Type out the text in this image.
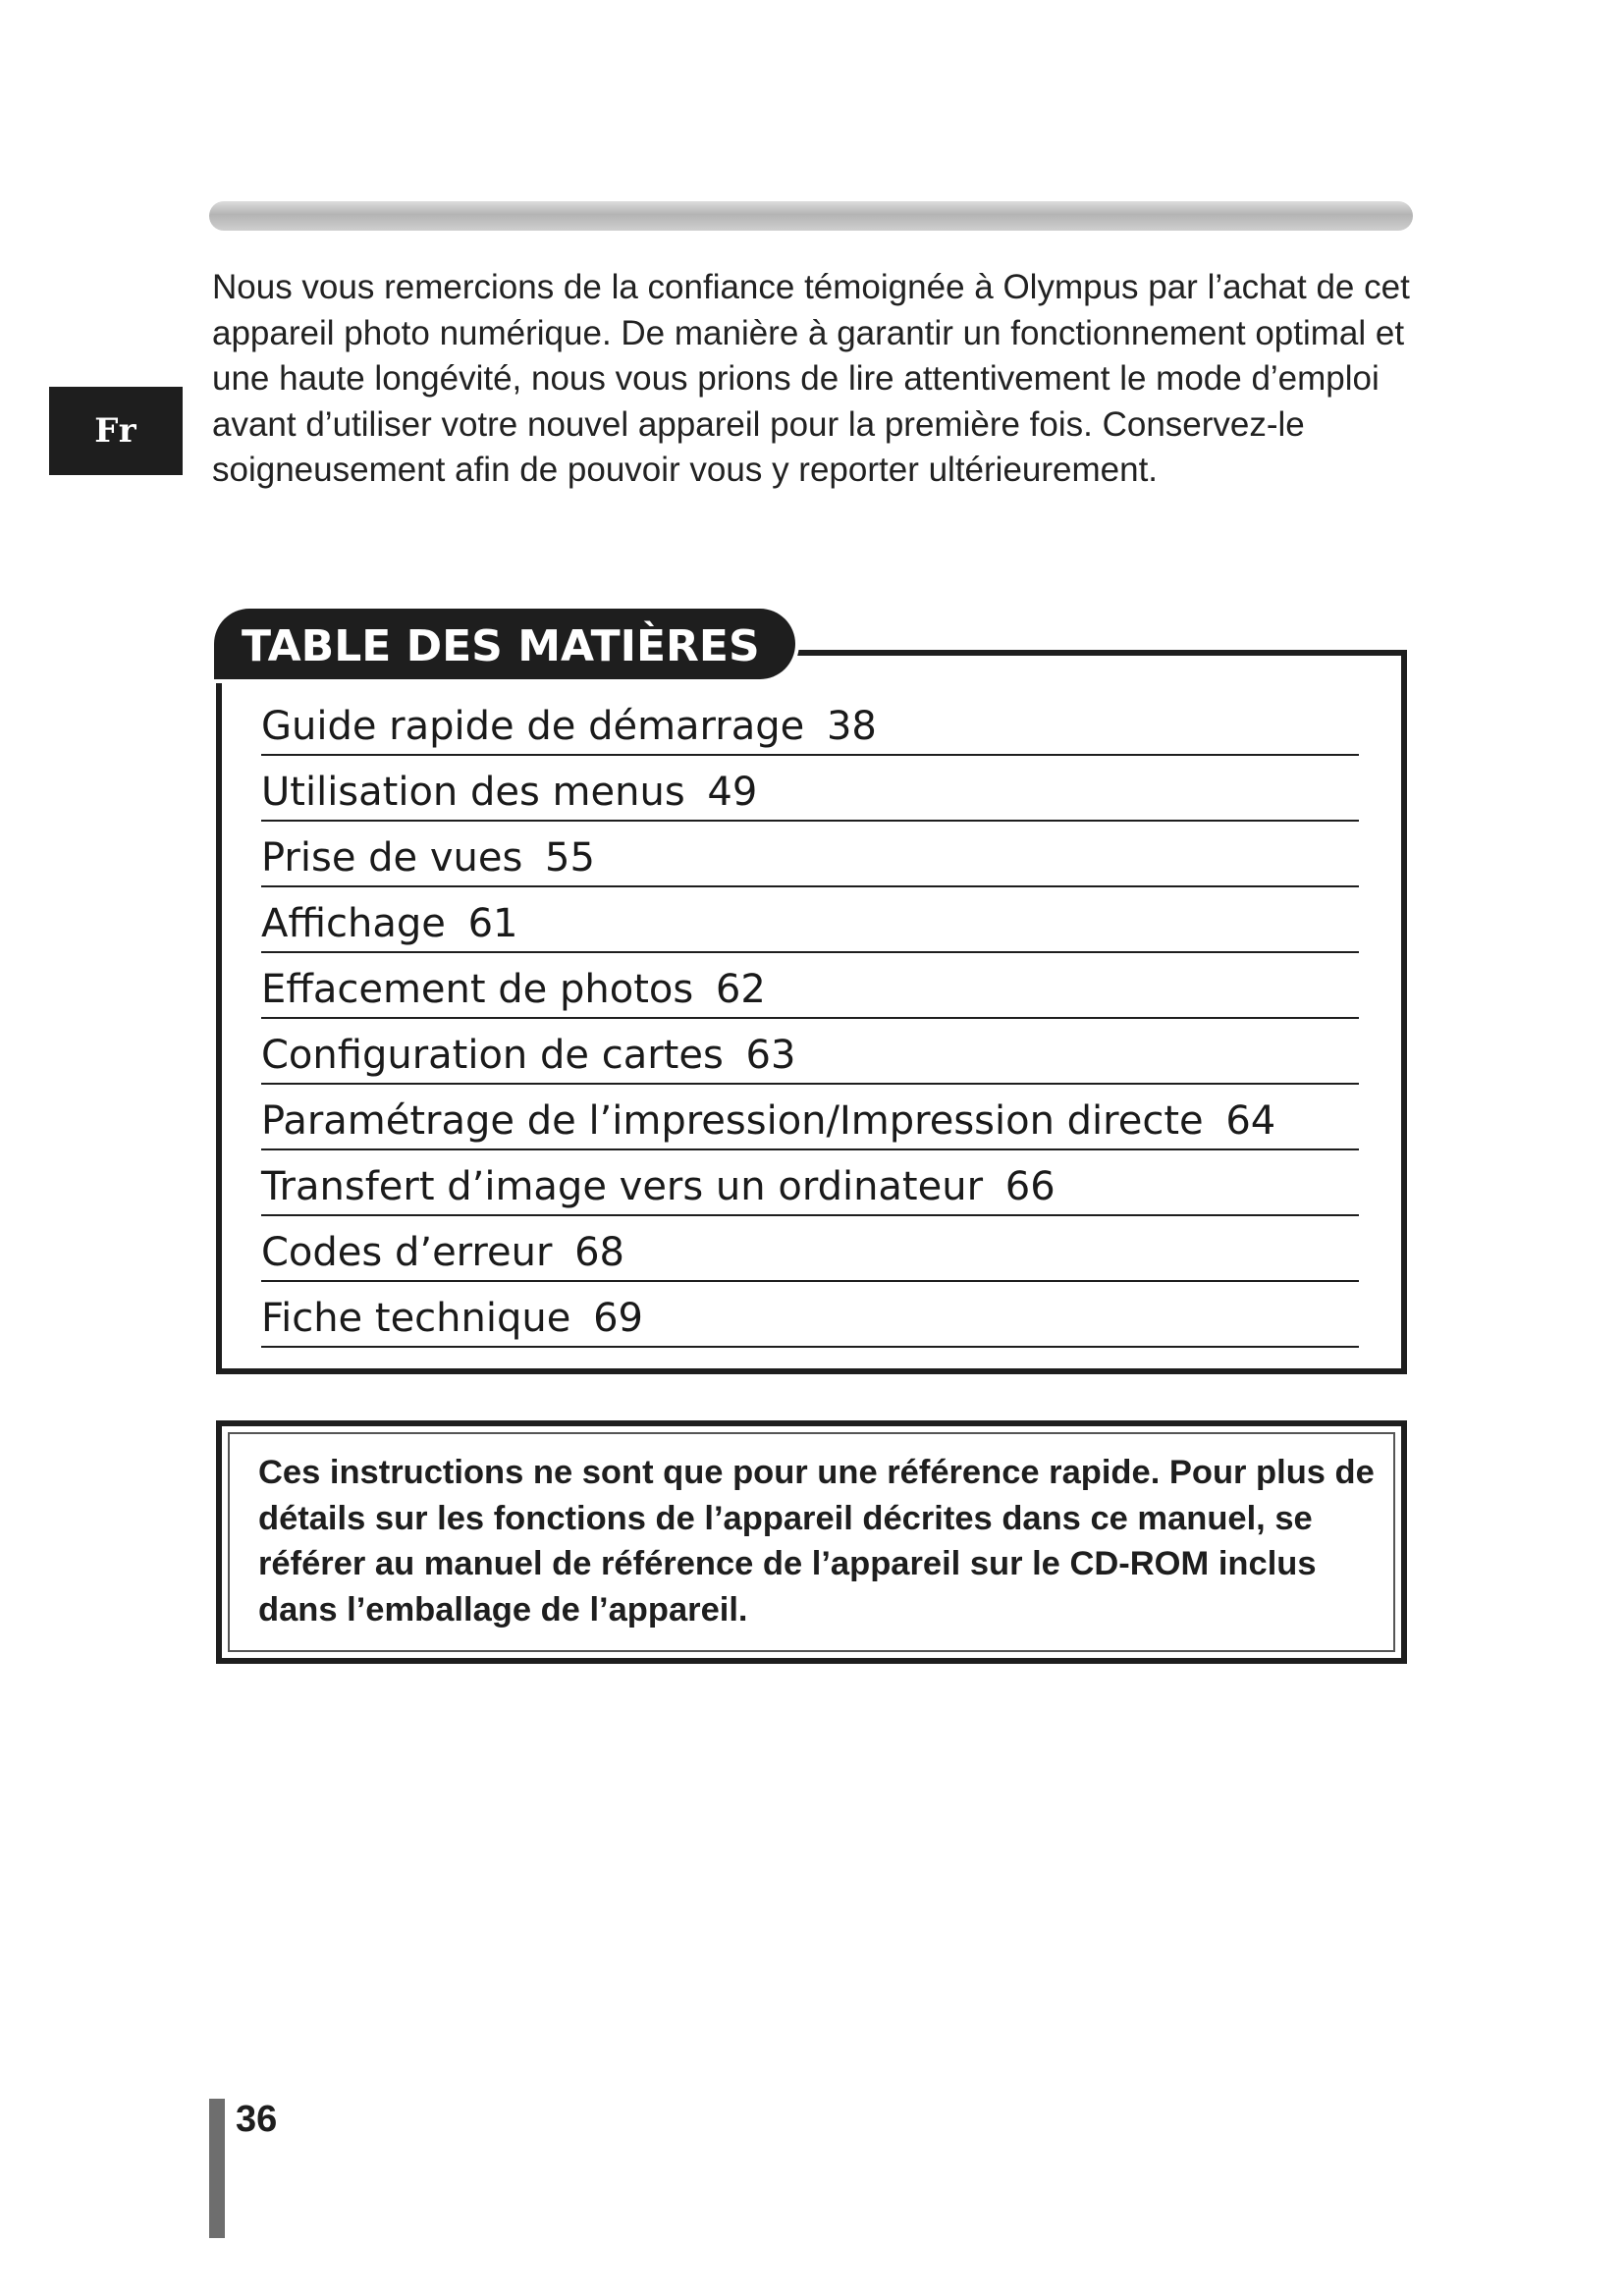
Fr

Nous vous remercions de la confiance témoignée à Olympus par l’achat de cet appareil photo numérique. De manière à garantir un fonctionnement optimal et une haute longévité, nous vous prions de lire attentivement le mode d’emploi avant d’utiliser votre nouvel appareil pour la première fois. Conservez-le soigneusement afin de pouvoir vous y reporter ultérieurement.

TABLE DES MATIÈRES
Guide rapide de démarrage 38
Utilisation des menus 49
Prise de vues 55
Affichage 61
Effacement de photos 62
Configuration de cartes 63
Paramétrage de l’impression/Impression directe 64
Transfert d’image vers un ordinateur 66
Codes d’erreur 68
Fiche technique 69

Ces instructions ne sont que pour une référence rapide. Pour plus de détails sur les fonctions de l’appareil décrites dans ce manuel, se référer au manuel de référence de l’appareil sur le CD-ROM inclus dans l’emballage de l’appareil.

36
